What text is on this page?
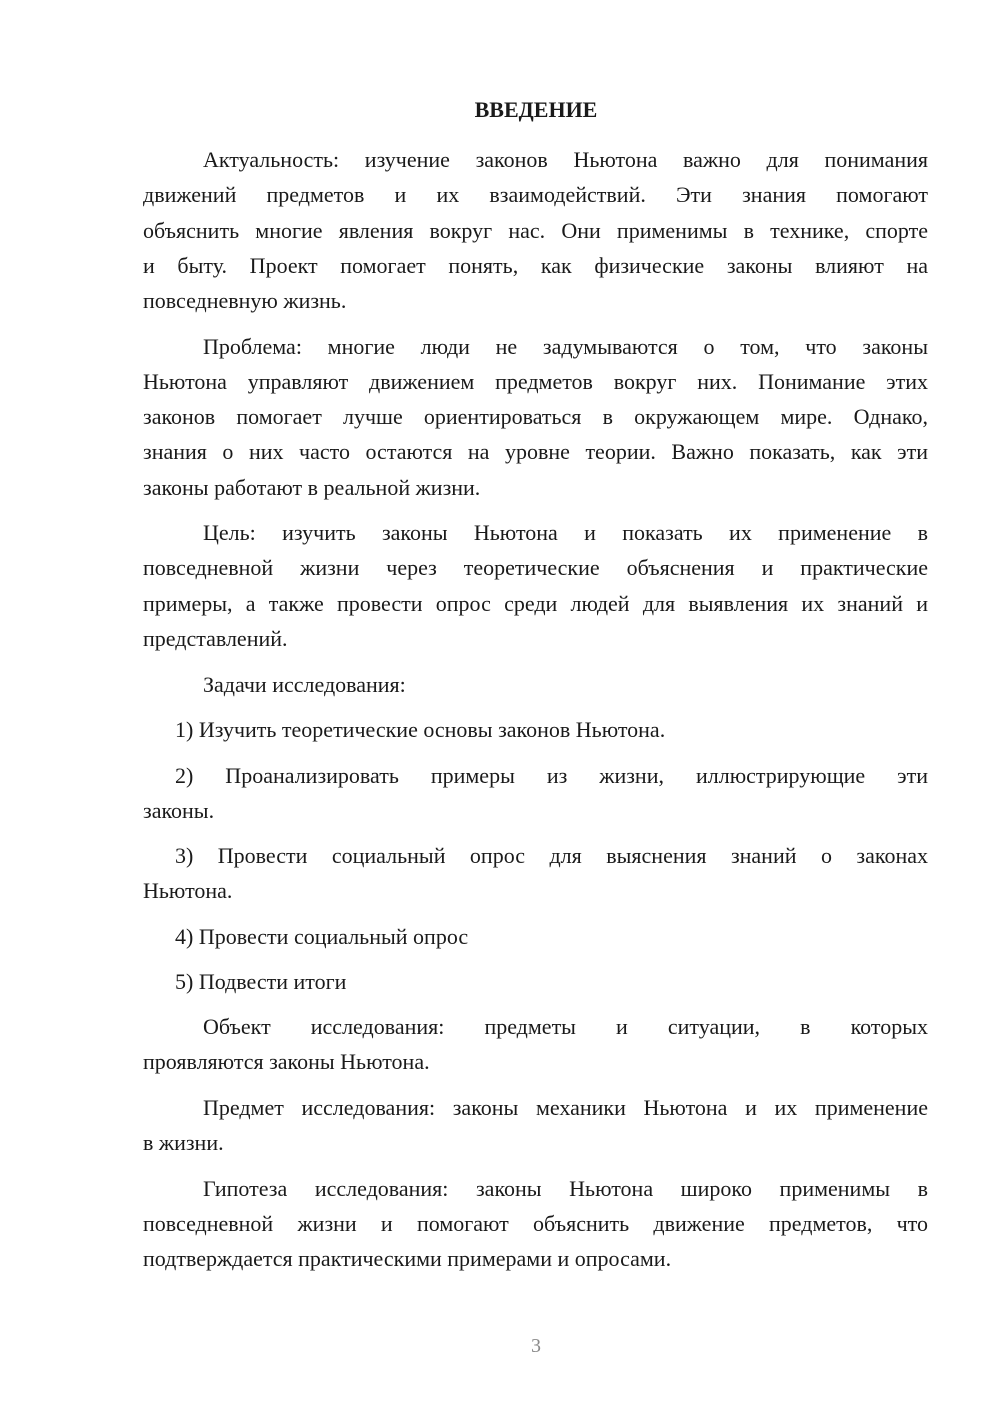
ВВЕДЕНИЕ
Актуальность: изучение законов Ньютона важно для понимания
движений предметов и их взаимодействий. Эти знания помогают
объяснить многие явления вокруг нас. Они применимы в технике, спорте
и быту. Проект помогает понять, как физические законы влияют на
повседневную жизнь.
Проблема: многие люди не задумываются о том, что законы
Ньютона управляют движением предметов вокруг них. Понимание этих
законов помогает лучше ориентироваться в окружающем мире. Однако,
знания о них часто остаются на уровне теории. Важно показать, как эти
законы работают в реальной жизни.
Цель: изучить законы Ньютона и показать их применение в
повседневной жизни через теоретические объяснения и практические
примеры, а также провести опрос среди людей для выявления их знаний и
представлений.
Задачи исследования:
1) Изучить теоретические основы законов Ньютона.
2) Проанализировать примеры из жизни, иллюстрирующие эти
законы.
3) Провести социальный опрос для выяснения знаний о законах
Ньютона.
4) Провести социальный опрос
5) Подвести итоги
Объект исследования: предметы и ситуации, в которых
проявляются законы Ньютона.
Предмет исследования: законы механики Ньютона и их применение
в жизни.
Гипотеза исследования: законы Ньютона широко применимы в
повседневной жизни и помогают объяснить движение предметов, что
подтверждается практическими примерами и опросами.
3
